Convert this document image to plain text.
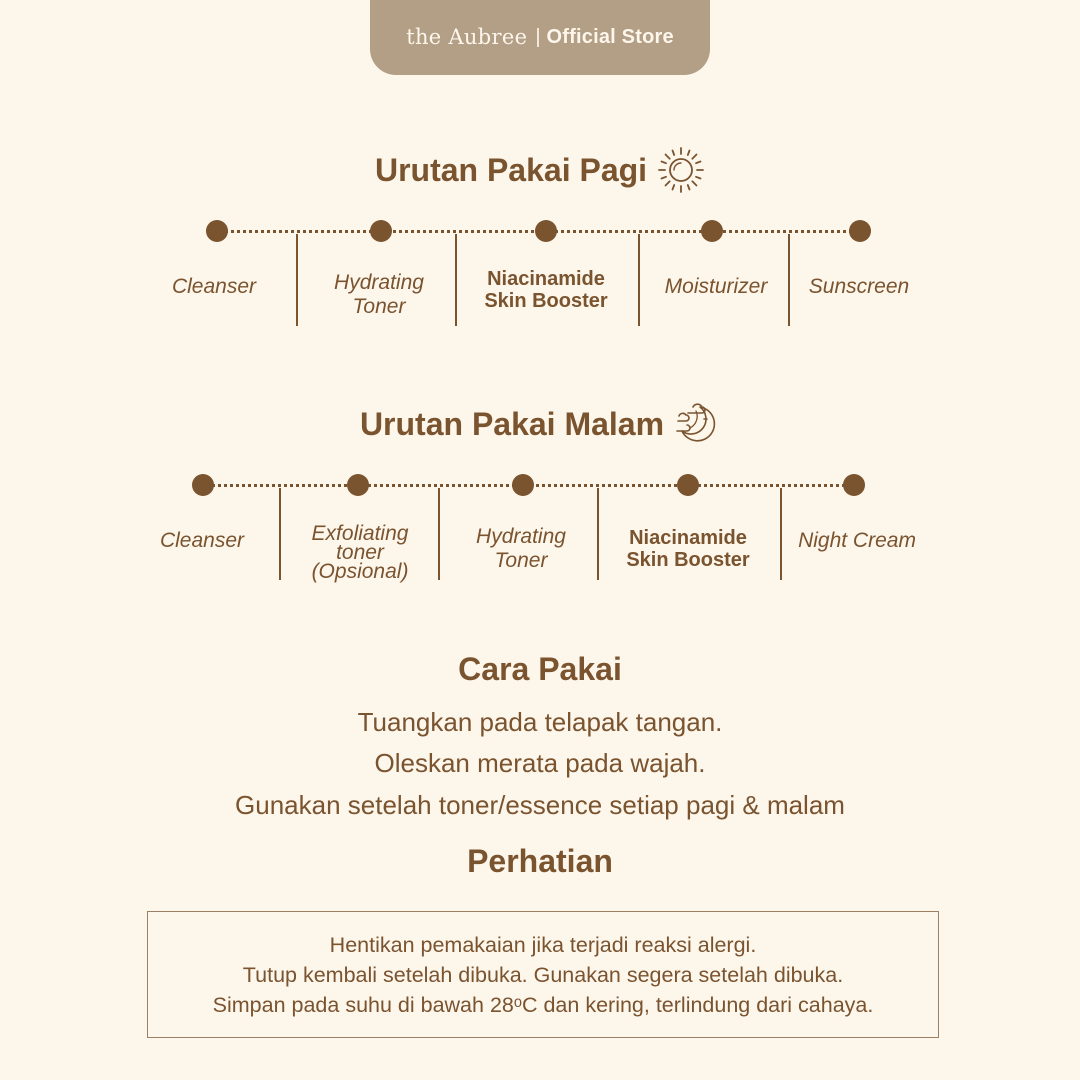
the Aubree | Official Store
Urutan Pakai Pagi
Cleanser	Hydrating
Toner
Niacinamide
Skin Booster
Moisturizer	Sunscreen
Urutan Pakai Malam
Cleanser	Exfoliating
toner
(Opsional)
Hydrating
Toner
Niacinamide
Skin Booster
Night Cream
Cara Pakai
Tuangkan pada telapak tangan.
Oleskan merata pada wajah.
Gunakan setelah toner/essence setiap pagi & malam
Perhatian
Hentikan pemakaian jika terjadi reaksi alergi.
Tutup kembali setelah dibuka. Gunakan segera setelah dibuka.
Simpan pada suhu di bawah 28ᵒC dan kering, terlindung dari cahaya.
